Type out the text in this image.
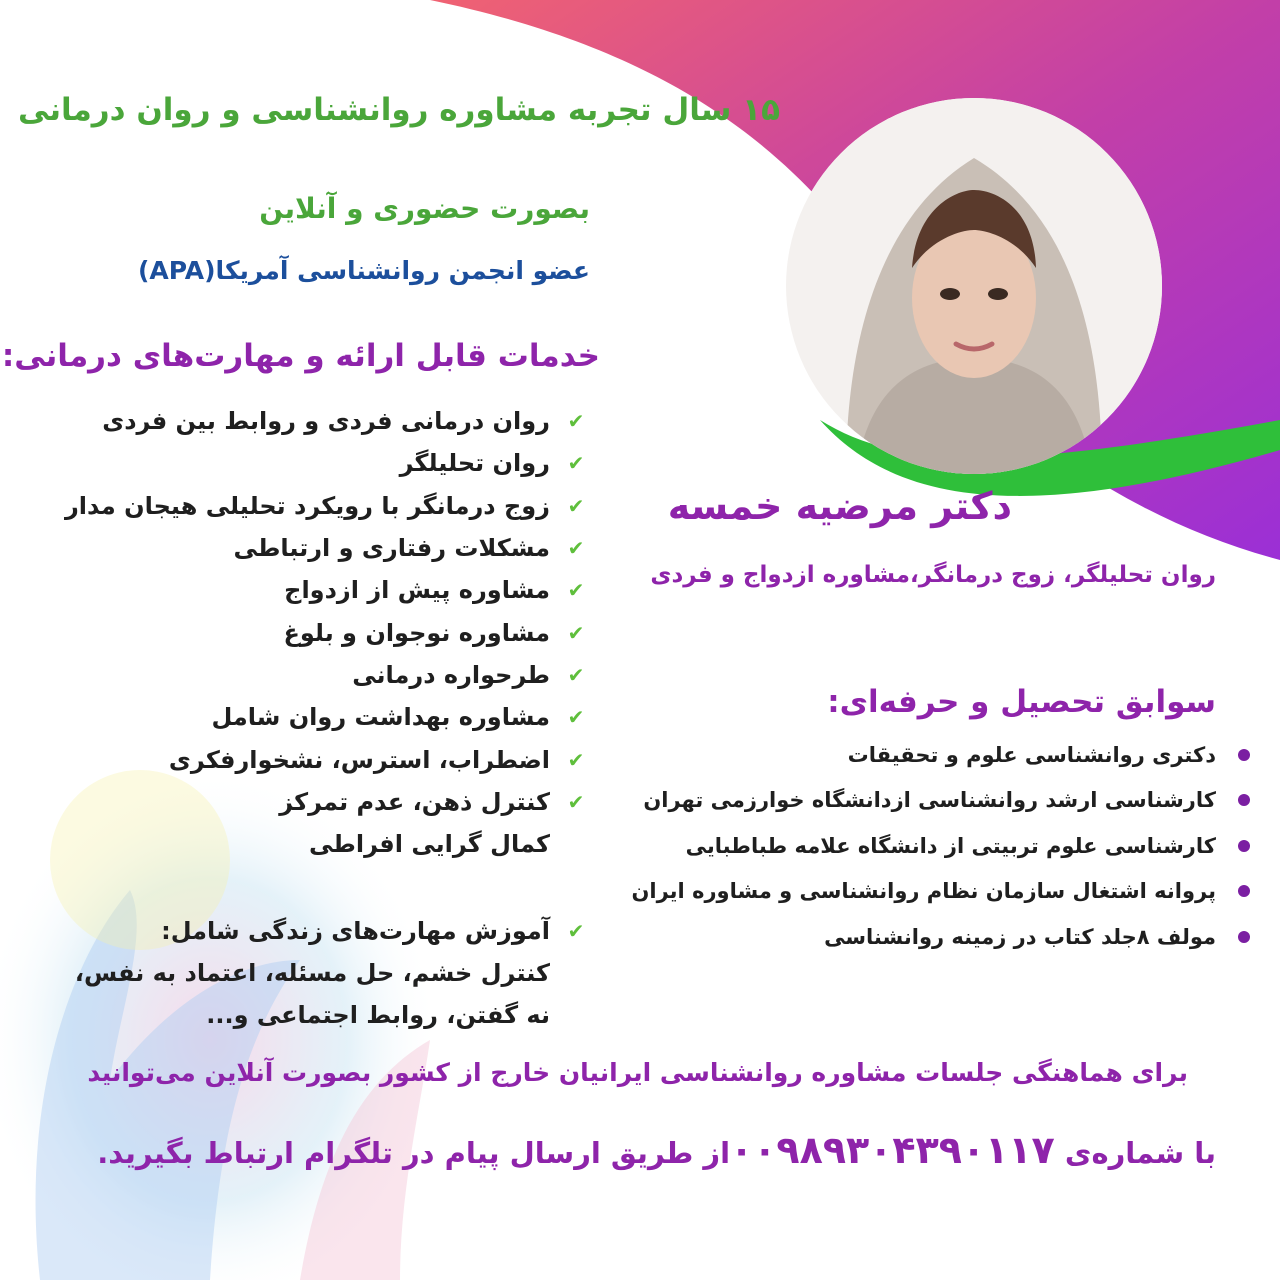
۱۵ سال تجربه مشاوره روانشناسی و روان درمانی

بصورت حضوری و آنلاین

عضو انجمن روانشناسی آمریکا(APA)

خدمات قابل ارائه و مهارت‌های درمانی:

✔
روان درمانی فردی و روابط بین فردی
✔
روان تحلیلگر
✔
زوج درمانگر با رویکرد تحلیلی هیجان مدار
✔
مشکلات رفتاری و ارتباطی
✔
مشاوره پیش از ازدواج
✔
مشاوره نوجوان و بلوغ
✔
طرحواره درمانی
✔
مشاوره بهداشت روان شامل
✔
اضطراب، استرس، نشخوارفکری
✔
کنترل ذهن، عدم تمرکز
کمال گرایی افراطی
✔
آموزش مهارت‌های زندگی شامل:
کنترل خشم، حل مسئله، اعتماد به نفس،
نه گفتن، روابط اجتماعی و...

دکتر مرضیه خمسه

روان تحلیلگر، زوج درمانگر،مشاوره ازدواج و فردی

سوابق تحصیل و حرفه‌ای:

دکتری روانشناسی علوم و تحقیقات
کارشناسی ارشد روانشناسی ازدانشگاه خوارزمی تهران
کارشناسی علوم تربیتی از دانشگاه علامه طباطبایی
پروانه اشتغال سازمان نظام روانشناسی و مشاوره ایران
مولف ۸جلد کتاب در زمینه روانشناسی

برای هماهنگی جلسات مشاوره روانشناسی ایرانیان خارج از کشور بصورت آنلاین می‌توانید

با شماره‌ی ۰۰۹۸۹۳۰۴۳۹۰۱۱۷از طریق ارسال پیام در تلگرام ارتباط بگیرید.
